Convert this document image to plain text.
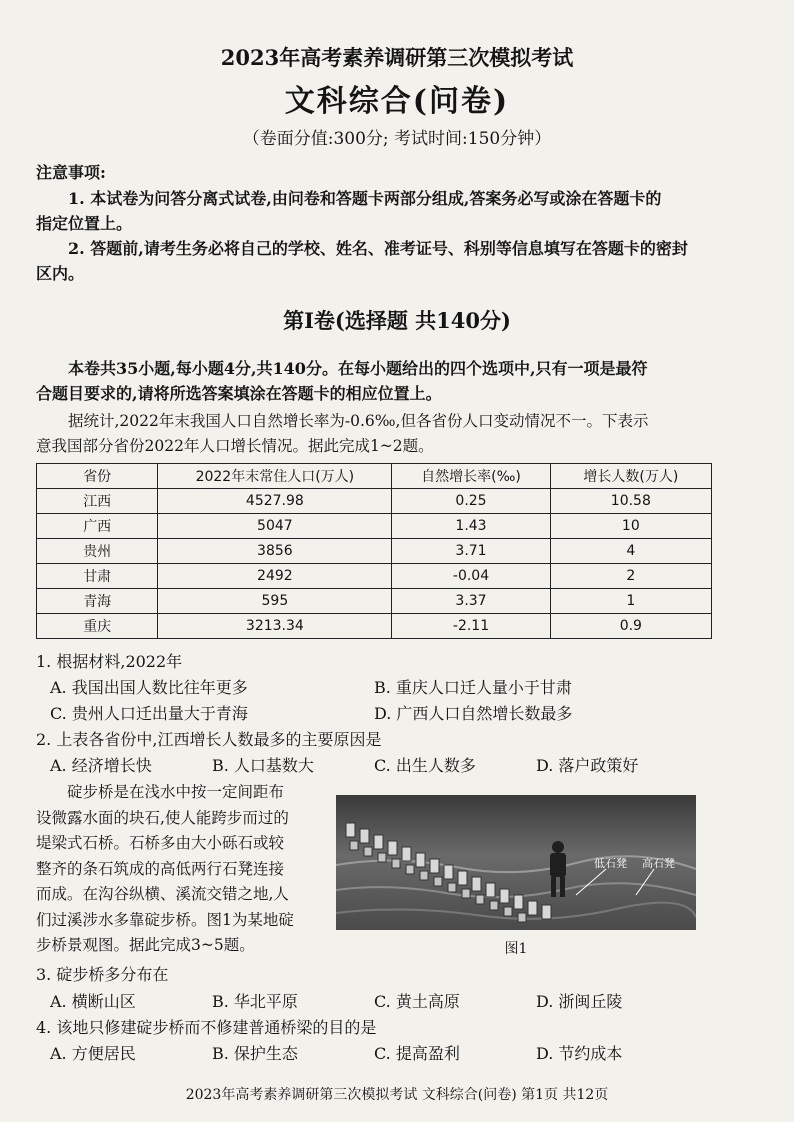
2023年高考素养调研第三次模拟考试
文科综合(问卷)
（卷面分值:300分; 考试时间:150分钟）
注意事项:
1. 本试卷为问答分离式试卷,由问卷和答题卡两部分组成,答案务必写或涂在答题卡的
指定位置上。
2. 答题前,请考生务必将自己的学校、姓名、准考证号、科别等信息填写在答题卡的密封
区内。
第Ⅰ卷(选择题 共140分)
本卷共35小题,每小题4分,共140分。在每小题给出的四个选项中,只有一项是最符
合题目要求的,请将所选答案填涂在答题卡的相应位置上。
据统计,2022年末我国人口自然增长率为-0.6‰,但各省份人口变动情况不一。下表示
意我国部分省份2022年人口增长情况。据此完成1~2题。
省份	2022年末常住人口(万人)	自然增长率(‰)	增长人数(万人)
江西	4527.98	0.25	10.58
广西	5047	1.43	10
贵州	3856	3.71	4
甘肃	2492	-0.04	2
青海	595	3.37	1
重庆	3213.34	-2.11	0.9
1. 根据材料,2022年
A. 我国出国人数比往年更多	B. 重庆人口迁人量小于甘肃
C. 贵州人口迁出量大于青海	D. 广西人口自然增长数最多
2. 上表各省份中,江西增长人数最多的主要原因是
A. 经济增长快	B. 人口基数大	C. 出生人数多	D. 落户政策好
碇步桥是在浅水中按一定间距布
设微露水面的块石,使人能跨步而过的
堤梁式石桥。石桥多由大小砾石或较
整齐的条石筑成的高低两行石凳连接
而成。在沟谷纵横、溪流交错之地,人
们过溪涉水多靠碇步桥。图1为某地碇
步桥景观图。据此完成3~5题。
低石凳 高石凳
图1
3. 碇步桥多分布在
A. 横断山区	B. 华北平原	C. 黄土高原	D. 浙闽丘陵
4. 该地只修建碇步桥而不修建普通桥梁的目的是
A. 方便居民	B. 保护生态	C. 提高盈利	D. 节约成本
2023年高考素养调研第三次模拟考试 文科综合(问卷) 第1页 共12页
